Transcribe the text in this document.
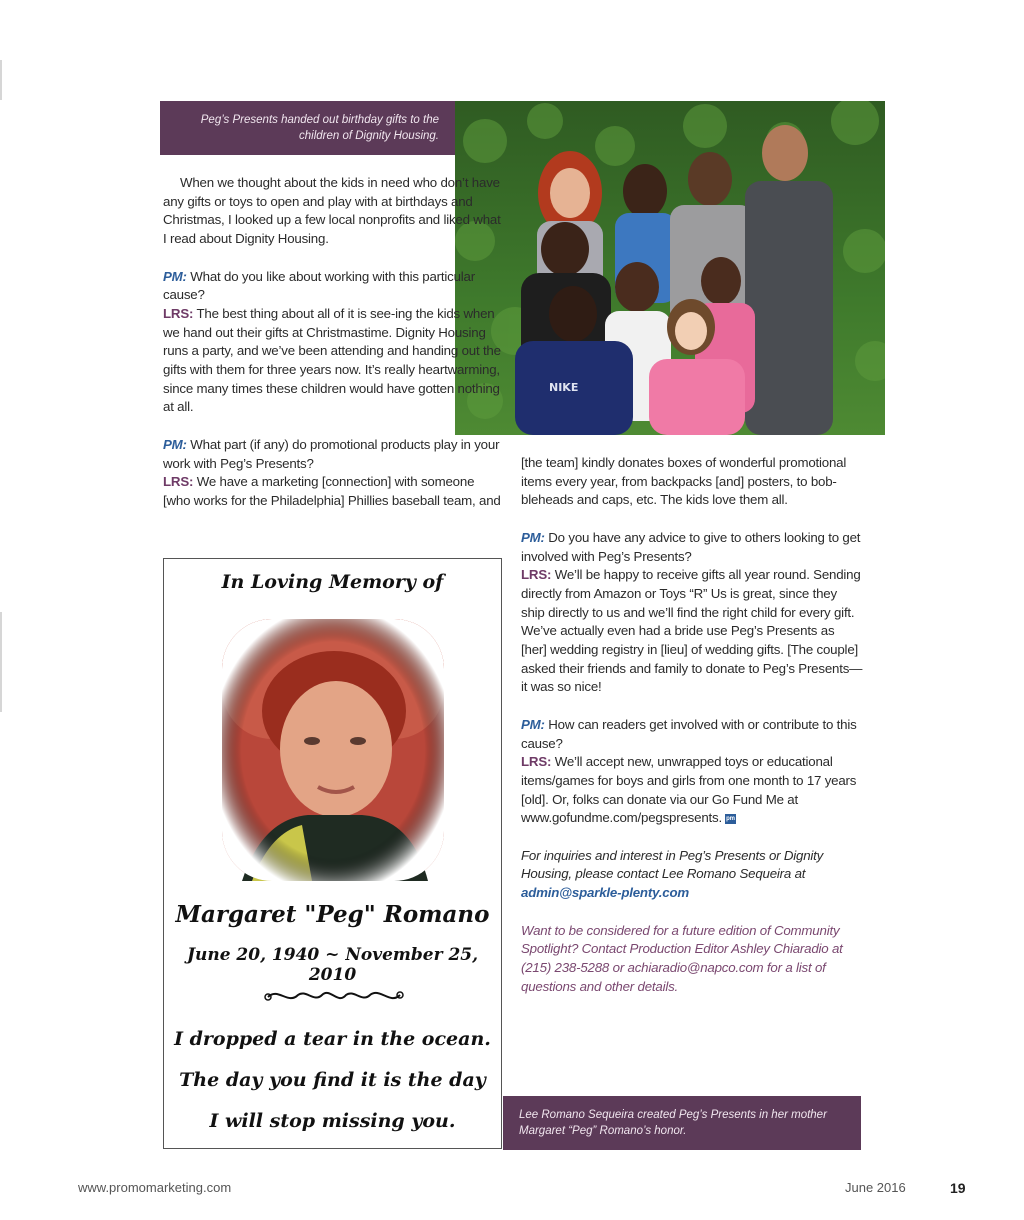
Peg’s Presents handed out birthday gifts to the children of Dignity Housing.
NIKE

When we thought about the kids in need who don’t have any gifts or toys to open and play with at birthdays and Christmas, I looked up a few local nonprofits and liked what I read about Dignity Housing.

PM: What do you like about working with this particular cause?
LRS: The best thing about all of it is see-ing the kids when we hand out their gifts at Christmastime. Dignity Housing runs a party, and we’ve been attending and handing out the gifts with them for three years now. It’s really heartwarming, since many times these children would have gotten nothing at all.

PM: What part (if any) do promotional products play in your work with Peg’s Presents?
LRS: We have a marketing [connection] with someone [who works for the Philadelphia] Phillies baseball team, and

[the team] kindly donates boxes of wonderful promotional items every year, from backpacks [and] posters, to bob-bleheads and caps, etc. The kids love them all.

PM: Do you have any advice to give to others looking to get involved with Peg’s Presents?
LRS: We’ll be happy to receive gifts all year round. Sending directly from Amazon or Toys “R” Us is great, since they ship directly to us and we’ll find the right child for every gift. We’ve actually even had a bride use Peg’s Presents as [her] wedding registry in [lieu] of wedding gifts. [The couple] asked their friends and family to donate to Peg’s Presents—it was so nice!

PM: How can readers get involved with or contribute to this cause?
LRS: We’ll accept new, unwrapped toys or educational items/games for boys and girls from one month to 17 years [old]. Or, folks can donate via our Go Fund Me at www.gofundme.com/pegspresents. pm

For inquiries and interest in Peg’s Presents or Dignity Housing, please contact Lee Romano Sequeira at admin@sparkle-plenty.com

Want to be considered for a future edition of Community Spotlight? Contact Production Editor Ashley Chiaradio at (215) 238-5288 or achiaradio@napco.com for a list of questions and other details.

In Loving Memory of
Margaret "Peg" Romano
June 20, 1940 ~ November 25, 2010
I dropped a tear in the ocean.
The day you find it is the day
I will stop missing you.	Lee Romano Sequeira created Peg’s Presents in her mother Margaret “Peg” Romano’s honor.
www.promomarketing.com	June 2016	19
